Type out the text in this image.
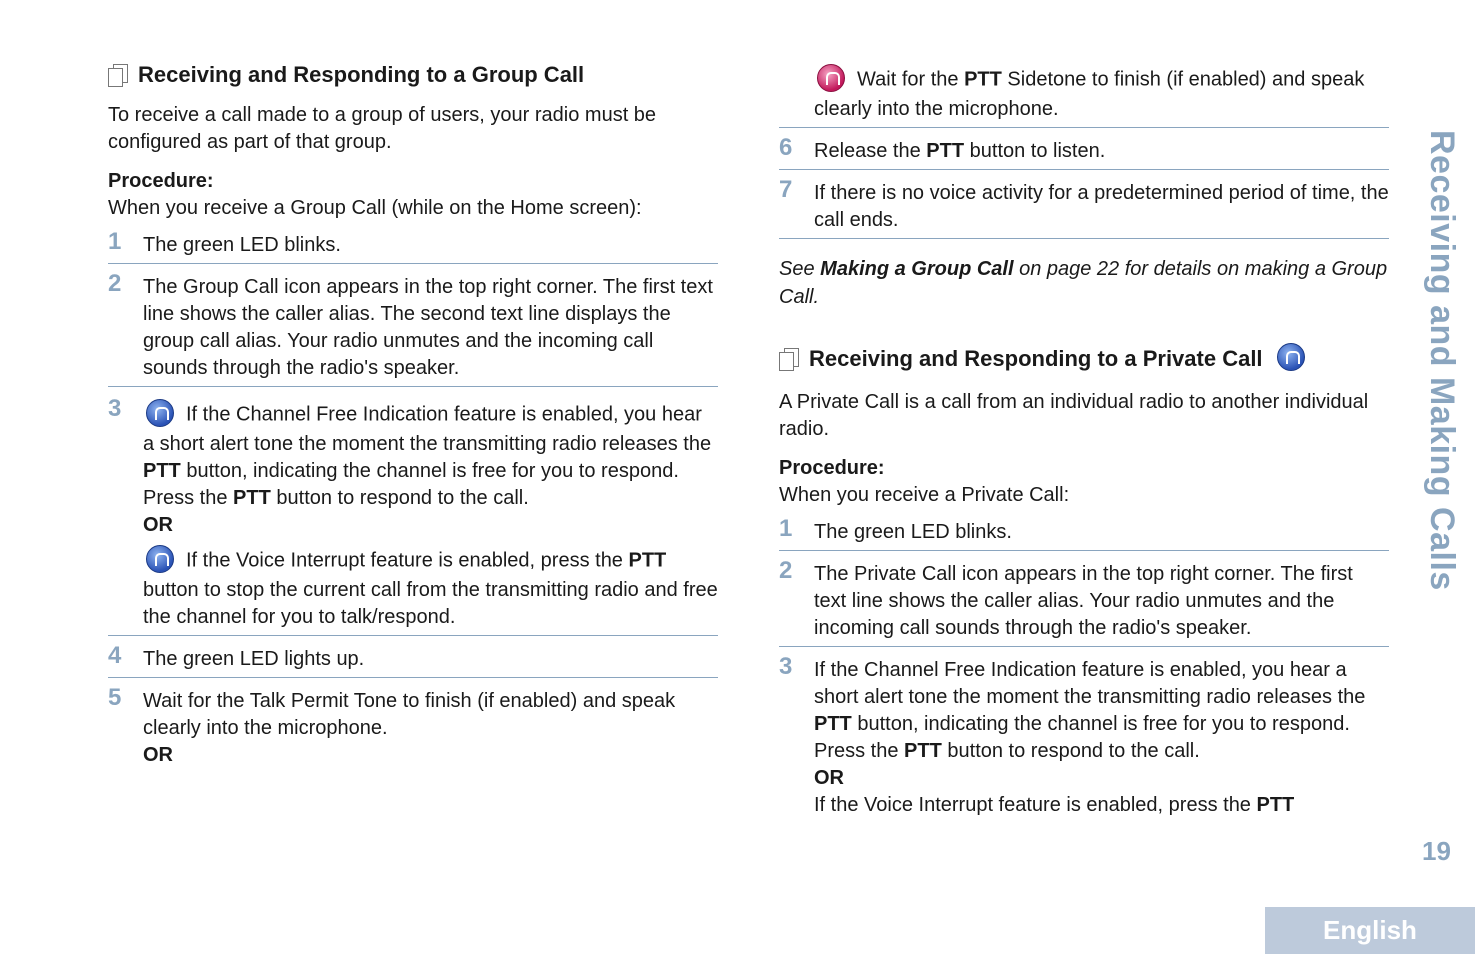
Receiving and Responding to a Group Call

To receive a call made to a group of users, your radio must be configured as part of that group.

Procedure:

When you receive a Group Call (while on the Home screen):

1	The green LED blinks.
2	The Group Call icon appears in the top right corner. The first text line shows the caller alias. The second text line displays the group call alias. Your radio unmutes and the incoming call sounds through the radio's speaker.
3	If the Channel Free Indication feature is enabled, you hear a short alert tone the moment the transmitting radio releases the PTT button, indicating the channel is free for you to respond.
Press the PTT button to respond to the call.
OR
If the Voice Interrupt feature is enabled, press the PTT button to stop the current call from the transmitting radio and free the channel for you to talk/respond.
4	The green LED lights up.
5	Wait for the Talk Permit Tone to finish (if enabled) and speak clearly into the microphone.
OR
Wait for the PTT Sidetone to finish (if enabled) and speak clearly into the microphone.
6	Release the PTT button to listen.
7	If there is no voice activity for a predetermined period of time, the call ends.

See Making a Group Call on page 22 for details on making a Group Call.

Receiving and Responding to a Private Call

A Private Call is a call from an individual radio to another individual radio.

Procedure:

When you receive a Private Call:

1	The green LED blinks.
2	The Private Call icon appears in the top right corner. The first text line shows the caller alias. Your radio unmutes and the incoming call sounds through the radio's speaker.
3	If the Channel Free Indication feature is enabled, you hear a short alert tone the moment the transmitting radio releases the PTT button, indicating the channel is free for you to respond.
Press the PTT button to respond to the call.
OR
If the Voice Interrupt feature is enabled, press the PTT
Receiving and Making Calls
19
English
